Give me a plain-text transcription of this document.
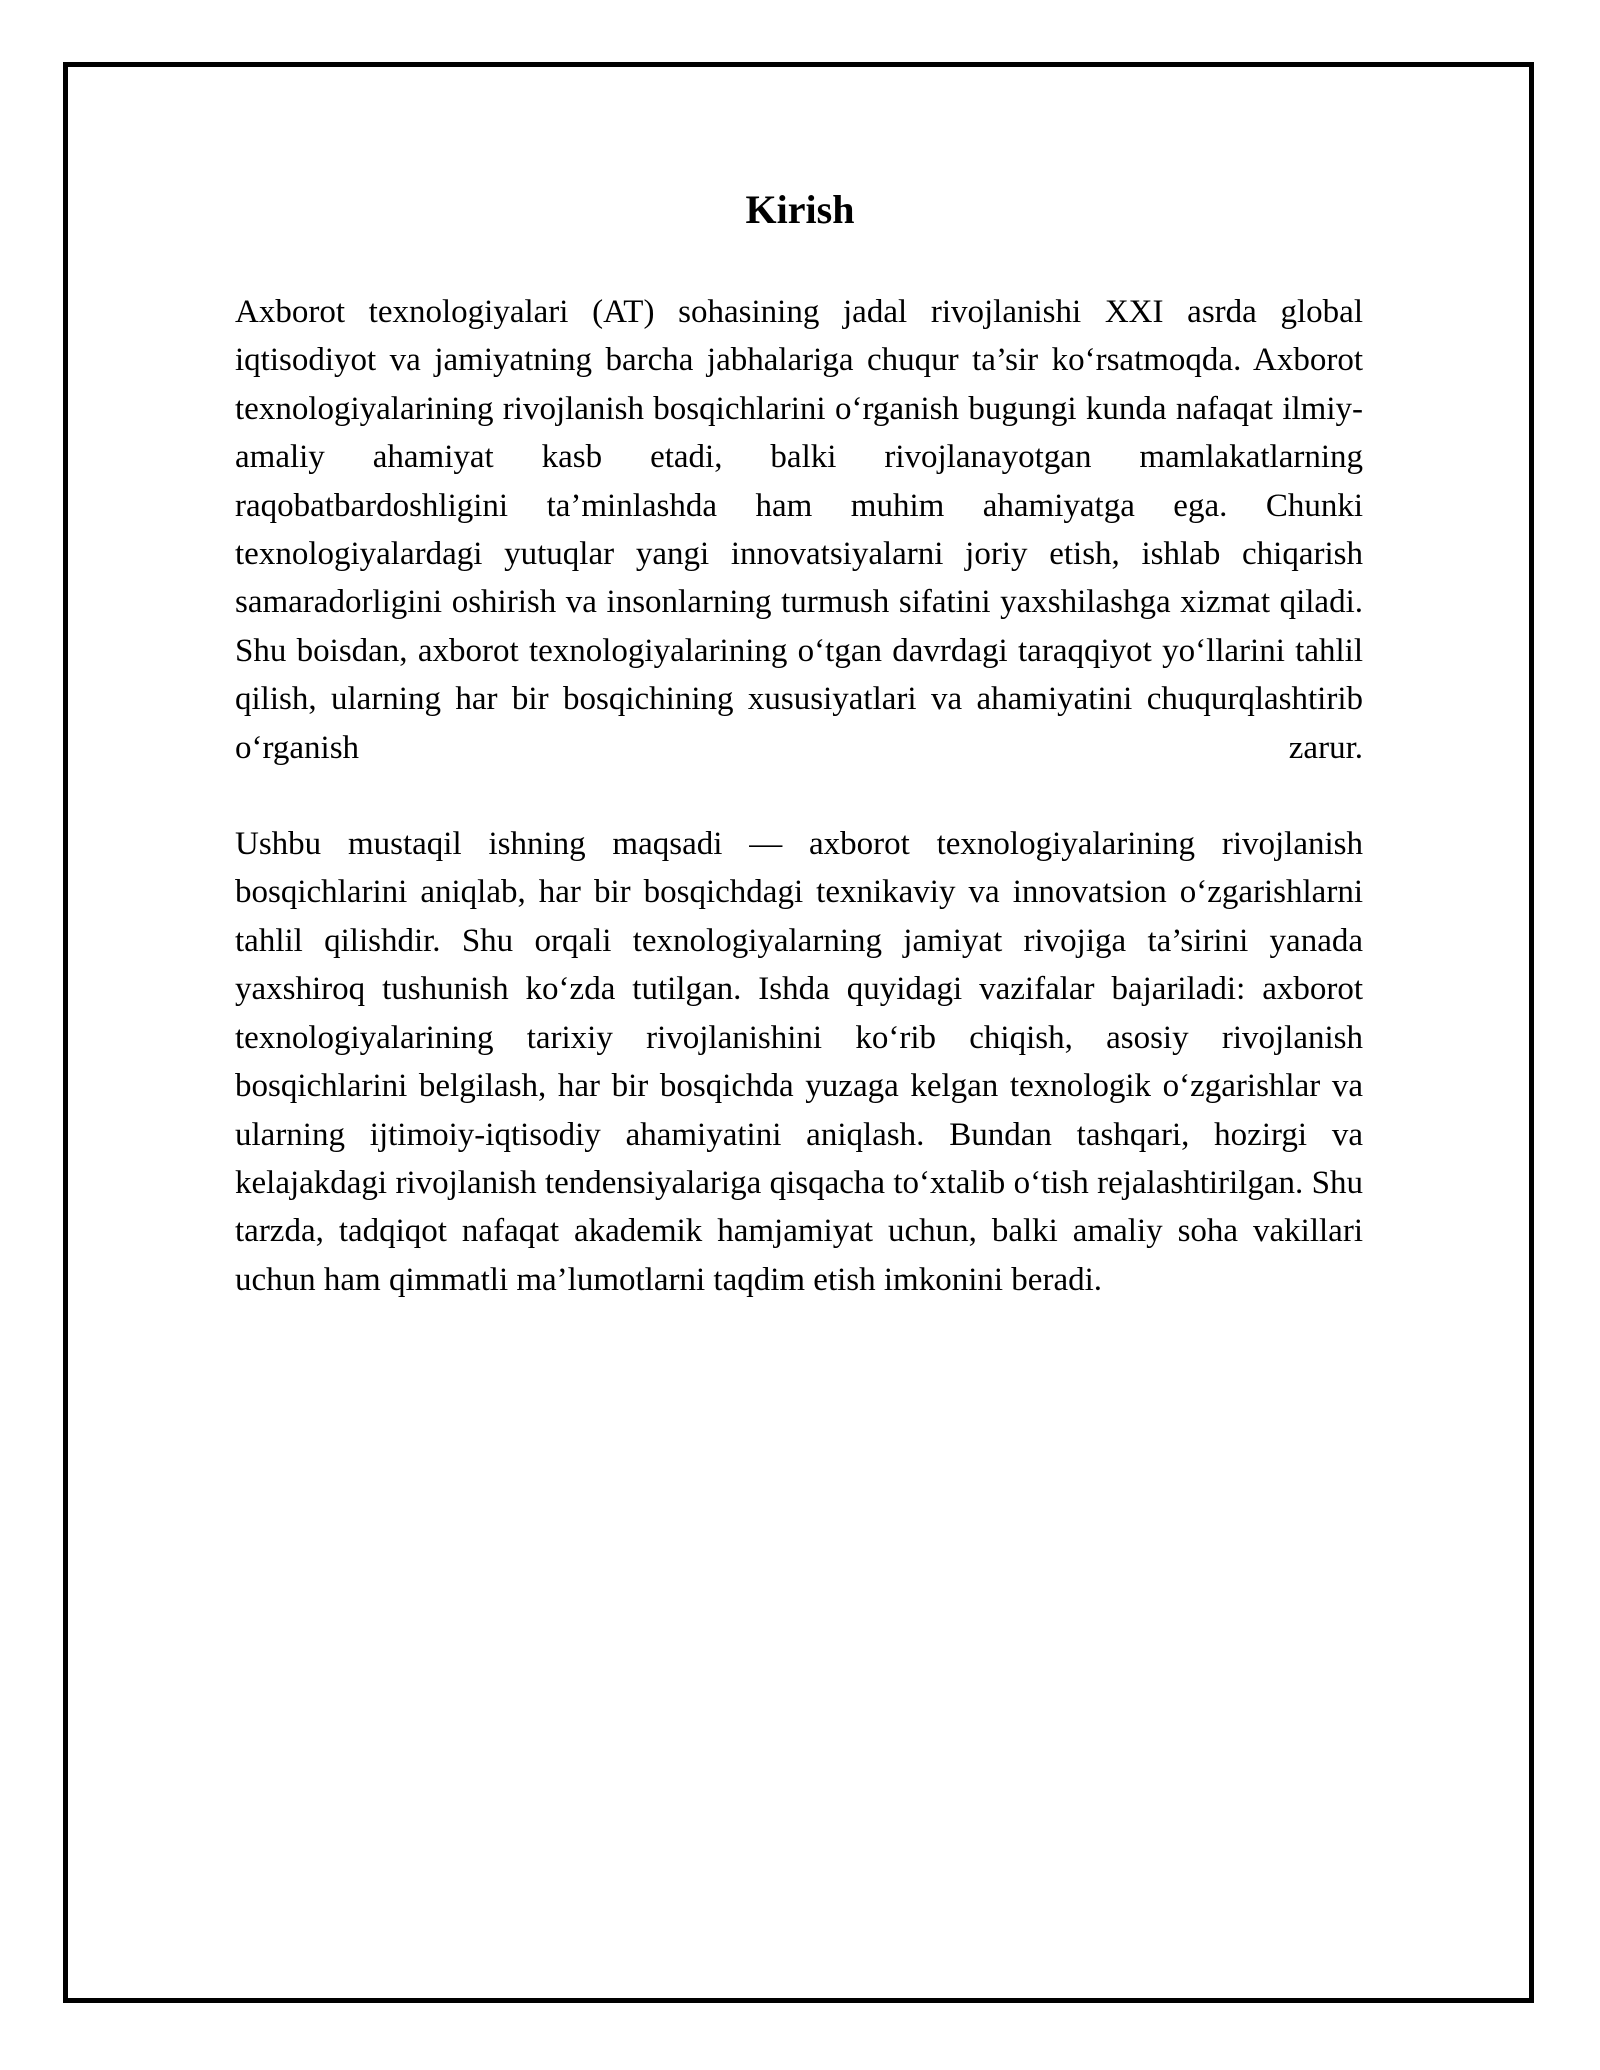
Kirish

Axborot texnologiyalari (AT) sohasining jadal rivojlanishi XXI asrda global iqtisodiyot va jamiyatning barcha jabhalariga chuqur ta’sir ko‘rsatmoqda. Axborot texnologiyalarining rivojlanish bosqichlarini o‘rganish bugungi kunda nafaqat ilmiy-amaliy ahamiyat kasb etadi, balki rivojlanayotgan mamlakatlarning raqobatbardoshligini ta’minlashda ham muhim ahamiyatga ega. Chunki texnologiyalardagi yutuqlar yangi innovatsiyalarni joriy etish, ishlab chiqarish samaradorligini oshirish va insonlarning turmush sifatini yaxshilashga xizmat qiladi. Shu boisdan, axborot texnologiyalarining o‘tgan davrdagi taraqqiyot yo‘llarini tahlil qilish, ularning har bir bosqichining xususiyatlari va ahamiyatini chuqurqlashtirib o‘rganish zarur.

Ushbu mustaqil ishning maqsadi — axborot texnologiyalarining rivojlanish bosqichlarini aniqlab, har bir bosqichdagi texnikaviy va innovatsion o‘zgarishlarni tahlil qilishdir. Shu orqali texnologiyalarning jamiyat rivojiga ta’sirini yanada yaxshiroq tushunish ko‘zda tutilgan. Ishda quyidagi vazifalar bajariladi: axborot texnologiyalarining tarixiy rivojlanishini ko‘rib chiqish, asosiy rivojlanish bosqichlarini belgilash, har bir bosqichda yuzaga kelgan texnologik o‘zgarishlar va ularning ijtimoiy-iqtisodiy ahamiyatini aniqlash. Bundan tashqari, hozirgi va kelajakdagi rivojlanish tendensiyalariga qisqacha to‘xtalib o‘tish rejalashtirilgan. Shu tarzda, tadqiqot nafaqat akademik hamjamiyat uchun, balki amaliy soha vakillari uchun ham qimmatli ma’lumotlarni taqdim etish imkonini beradi.
